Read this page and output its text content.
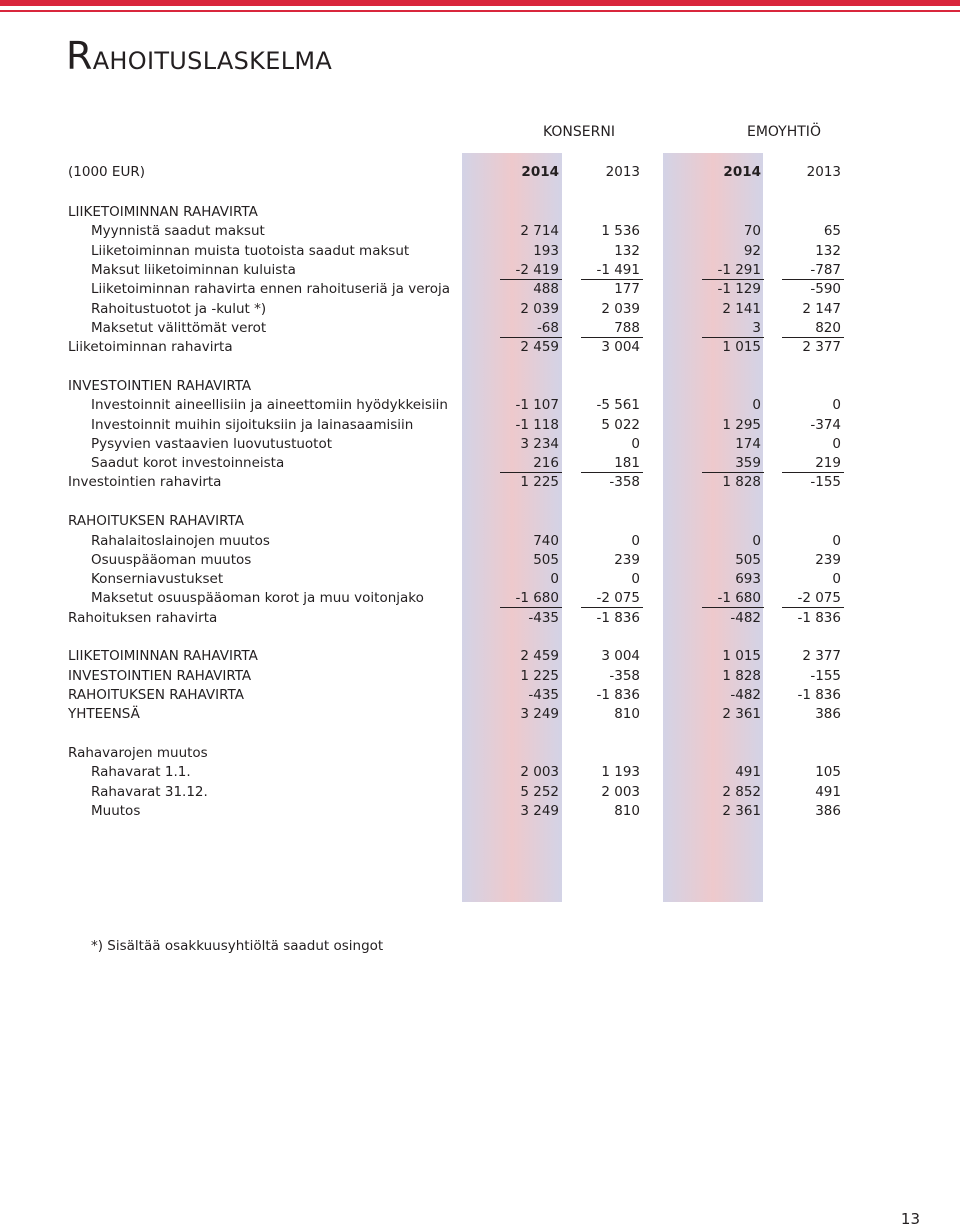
RAHOITUSLASKELMA
KONSERNI	EMOYHTIÖ
(1000 EUR)	2014	2013	2014	2013
LIIKETOIMINNAN RAHAVIRTA
Myynnistä saadut maksut	2 714	1 536	70	65
Liiketoiminnan muista tuotoista saadut maksut	193	132	92	132
Maksut liiketoiminnan kuluista	-2 419	-1 491	-1 291	-787
Liiketoiminnan rahavirta ennen rahoituseriä ja veroja	488	177	-1 129	-590
Rahoitustuotot ja -kulut *)	2 039	2 039	2 141	2 147
Maksetut välittömät verot	-68	788	3	820
Liiketoiminnan rahavirta	2 459	3 004	1 015	2 377
INVESTOINTIEN RAHAVIRTA
Investoinnit aineellisiin ja aineettomiin hyödykkeisiin	-1 107	-5 561	0	0
Investoinnit muihin sijoituksiin ja lainasaamisiin	-1 118	5 022	1 295	-374
Pysyvien vastaavien luovutustuotot	3 234	0	174	0
Saadut korot investoinneista	216	181	359	219
Investointien rahavirta	1 225	-358	1 828	-155
RAHOITUKSEN RAHAVIRTA
Rahalaitoslainojen muutos	740	0	0	0
Osuuspääoman muutos	505	239	505	239
Konserniavustukset	0	0	693	0
Maksetut osuuspääoman korot ja muu voitonjako	-1 680	-2 075	-1 680	-2 075
Rahoituksen rahavirta	-435	-1 836	-482	-1 836
LIIKETOIMINNAN RAHAVIRTA	2 459	3 004	1 015	2 377
INVESTOINTIEN RAHAVIRTA	1 225	-358	1 828	-155
RAHOITUKSEN RAHAVIRTA	-435	-1 836	-482	-1 836
YHTEENSÄ	3 249	810	2 361	386
Rahavarojen muutos
Rahavarat 1.1.	2 003	1 193	491	105
Rahavarat 31.12.	5 252	2 003	2 852	491
Muutos	3 249	810	2 361	386
*) Sisältää osakkuusyhtiöltä saadut osingot
13
